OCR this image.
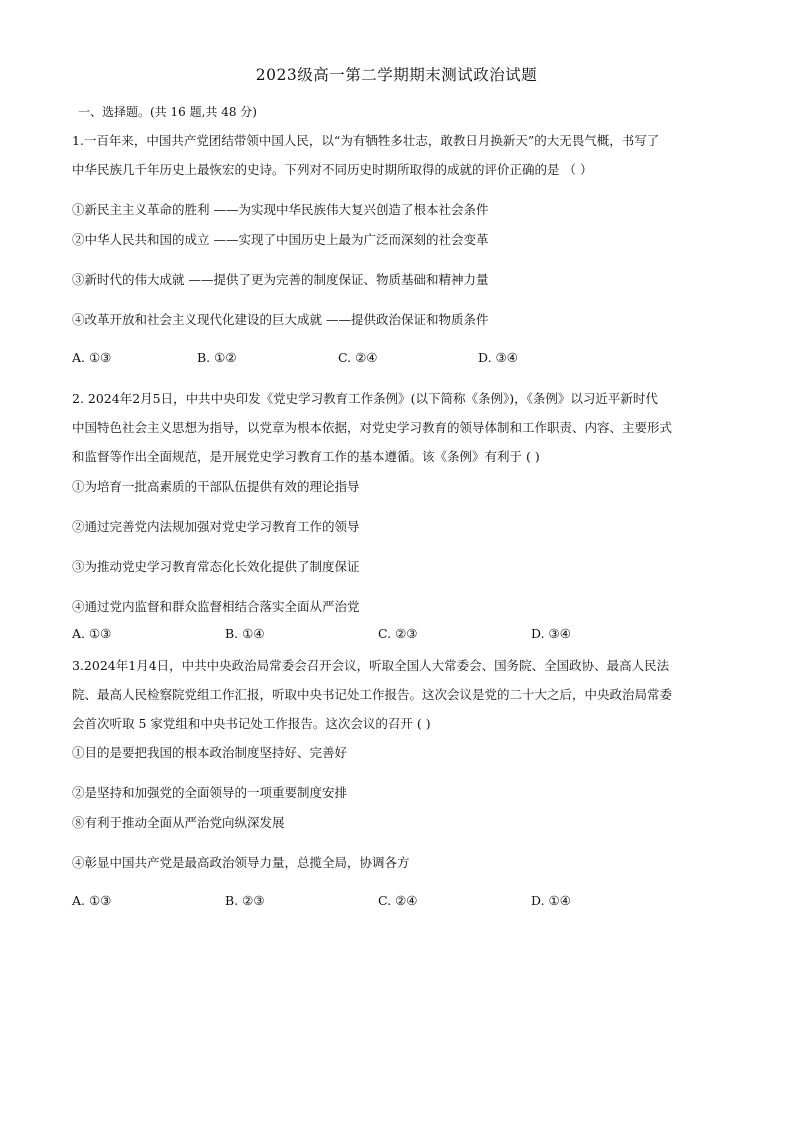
2023级高一第二学期期末测试政治试题
一、选择题。(共 16 题,共 48 分)
1.一百年来，中国共产党团结带领中国人民，以“为有牺牲多壮志，敢教日月换新天”的大无畏气概，书写了
中华民族几千年历史上最恢宏的史诗。下列对不同历史时期所取得的成就的评价正确的是 （ ）
①新民主主义革命的胜利 ——为实现中华民族伟大复兴创造了根本社会条件
②中华人民共和国的成立 ——实现了中国历史上最为广泛而深刻的社会变革
③新时代的伟大成就 ——提供了更为完善的制度保证、物质基础和精神力量
④改革开放和社会主义现代化建设的巨大成就 ——提供政治保证和物质条件
A. ①③	B. ①②	C. ②④	D. ③④
2. 2024年2月5日，中共中央印发《党史学习教育工作条例》(以下简称《条例》)，《条例》以习近平新时代
中国特色社会主义思想为指导，以党章为根本依据，对党史学习教育的领导体制和工作职责、内容、主要形式
和监督等作出全面规范，是开展党史学习教育工作的基本遵循。该《条例》有利于 ( )
①为培育一批高素质的干部队伍提供有效的理论指导
②通过完善党内法规加强对党史学习教育工作的领导
③为推动党史学习教育常态化长效化提供了制度保证
④通过党内监督和群众监督相结合落实全面从严治党
A. ①③	B. ①④	C. ②③	D. ③④
3.2024年1月4日，中共中央政治局常委会召开会议，听取全国人大常委会、国务院、全国政协、最高人民法
院、最高人民检察院党组工作汇报，听取中央书记处工作报告。这次会议是党的二十大之后，中央政治局常委
会首次听取 5 家党组和中央书记处工作报告。这次会议的召开 ( )
①目的是要把我国的根本政治制度坚持好、完善好
②是坚持和加强党的全面领导的一项重要制度安排
⑧有利于推动全面从严治党向纵深发展
④彰显中国共产党是最高政治领导力量，总揽全局，协调各方
A. ①③	B. ②③	C. ②④	D. ①④
